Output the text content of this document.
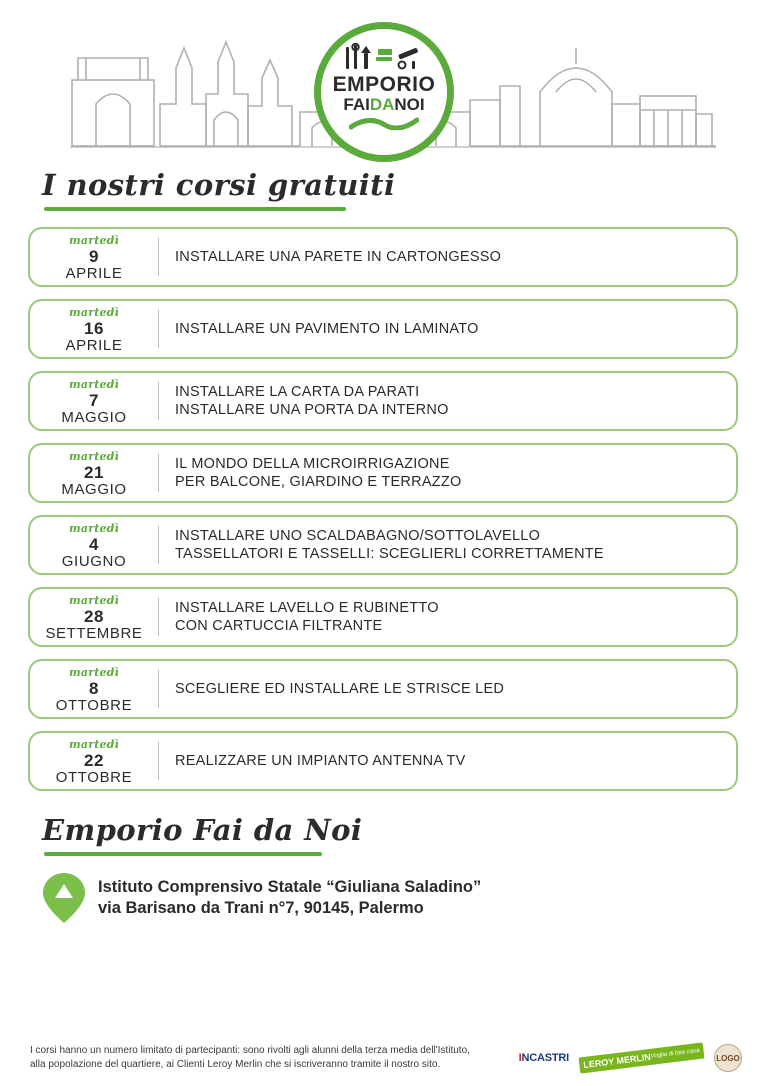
EMPORIO
FAIDANOI
I nostri corsi gratuiti
martedì
9
APRILE
INSTALLARE UNA PARETE IN CARTONGESSO
martedì
16
APRILE
INSTALLARE UN PAVIMENTO IN LAMINATO
martedì
7
MAGGIO
INSTALLARE LA CARTA DA PARATI
INSTALLARE UNA PORTA DA INTERNO
martedì
21
MAGGIO
IL MONDO DELLA MICROIRRIGAZIONE
PER BALCONE, GIARDINO E TERRAZZO
martedì
4
GIUGNO
INSTALLARE UNO SCALDABAGNO/SOTTOLAVELLO
TASSELLATORI E TASSELLI: SCEGLIERLI CORRETTAMENTE
martedì
28
SETTEMBRE
INSTALLARE LAVELLO E RUBINETTO
CON CARTUCCIA FILTRANTE
martedì
8
OTTOBRE
SCEGLIERE ED INSTALLARE LE STRISCE LED
martedì
22
OTTOBRE
REALIZZARE UN IMPIANTO ANTENNA TV
Emporio Fai da Noi
Istituto Comprensivo Statale “Giuliana Saladino”
via Barisano da Trani n°7, 90145, Palermo
I corsi hanno un numero limitato di partecipanti: sono rivolti agli alunni della terza media dell'Istituto,
alla popolazione del quartiere, ai Clienti Leroy Merlin che si iscriveranno tramite il nostro sito.
I NCASTRI LEROY MERLIN Voglia di fare casa LOGO
